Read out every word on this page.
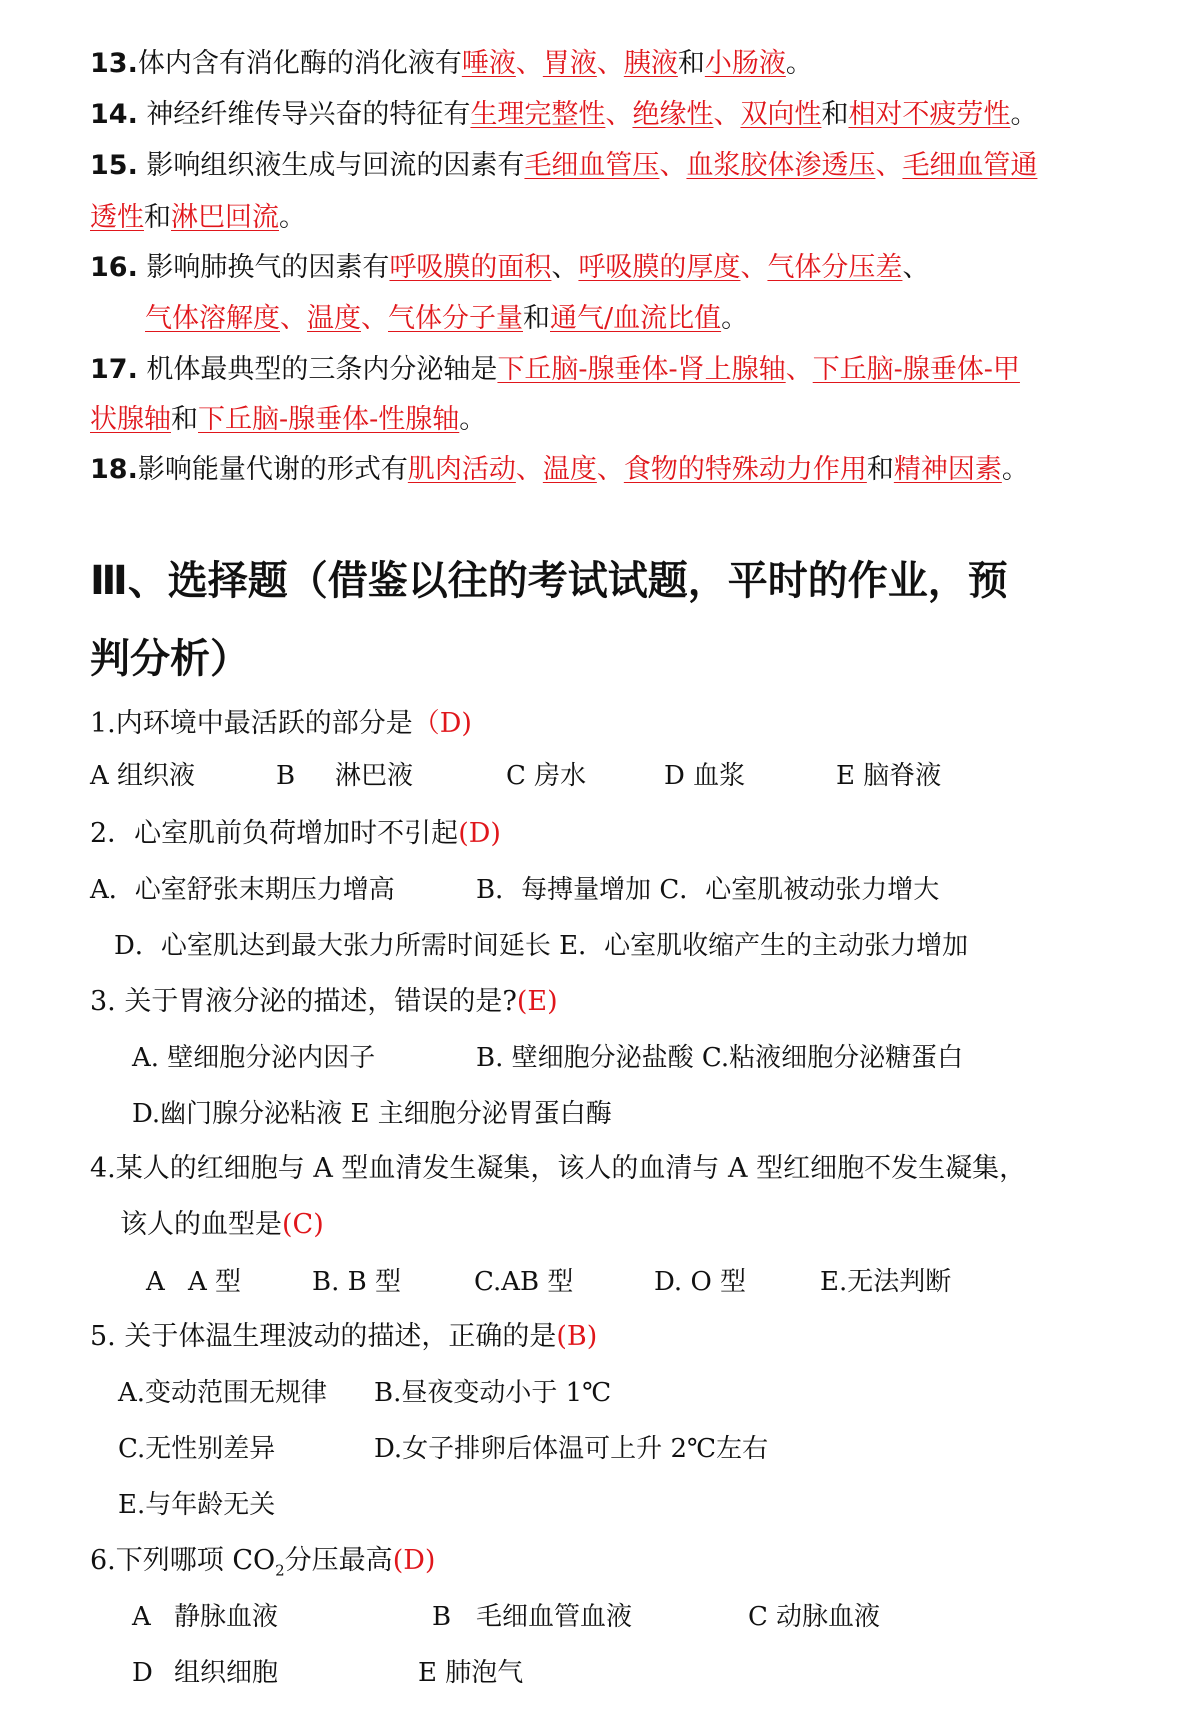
13.体内含有消化酶的消化液有唾液、胃液、胰液和小肠液。
14. 神经纤维传导兴奋的特征有生理完整性、绝缘性、双向性和相对不疲劳性。
15. 影响组织液生成与回流的因素有毛细血管压、血浆胶体渗透压、毛细血管通
透性和淋巴回流。
16. 影响肺换气的因素有呼吸膜的面积、呼吸膜的厚度、气体分压差、
气体溶解度、温度、气体分子量和通气/血流比值。
17. 机体最典型的三条内分泌轴是下丘脑-腺垂体-肾上腺轴、下丘脑-腺垂体-甲
状腺轴和下丘脑-腺垂体-性腺轴。
18.影响能量代谢的形式有肌肉活动、温度、食物的特殊动力作用和精神因素。
Ⅲ、选择题（借鉴以往的考试试题，平时的作业，预
判分析）
1.内环境中最活跃的部分是（D)
A 组织液	B 淋巴液	C 房水	D 血浆	E 脑脊液
2．心室肌前负荷增加时不引起(D)
A．心室舒张末期压力增高	B．每搏量增加 C．心室肌被动张力增大
D．心室肌达到最大张力所需时间延长 E．心室肌收缩产生的主动张力增加
3. 关于胃液分泌的描述，错误的是?(E)
A. 壁细胞分泌内因子	B. 壁细胞分泌盐酸 C.粘液细胞分泌糖蛋白
D.幽门腺分泌粘液 E 主细胞分泌胃蛋白酶
4.某人的红细胞与 A 型血清发生凝集，该人的血清与 A 型红细胞不发生凝集，
该人的血型是(C)
A A 型	B. B 型	C.AB 型	D. O 型	E.无法判断
5. 关于体温生理波动的描述，正确的是(B)
A.变动范围无规律 B.昼夜变动小于 1℃
C.无性别差异	D.女子排卵后体温可上升 2℃左右
E.与年龄无关
6.下列哪项 $CO_2$分压最高(D)
A 静脉血液	B 毛细血管血液	C 动脉血液
D 组织细胞	E 肺泡气
